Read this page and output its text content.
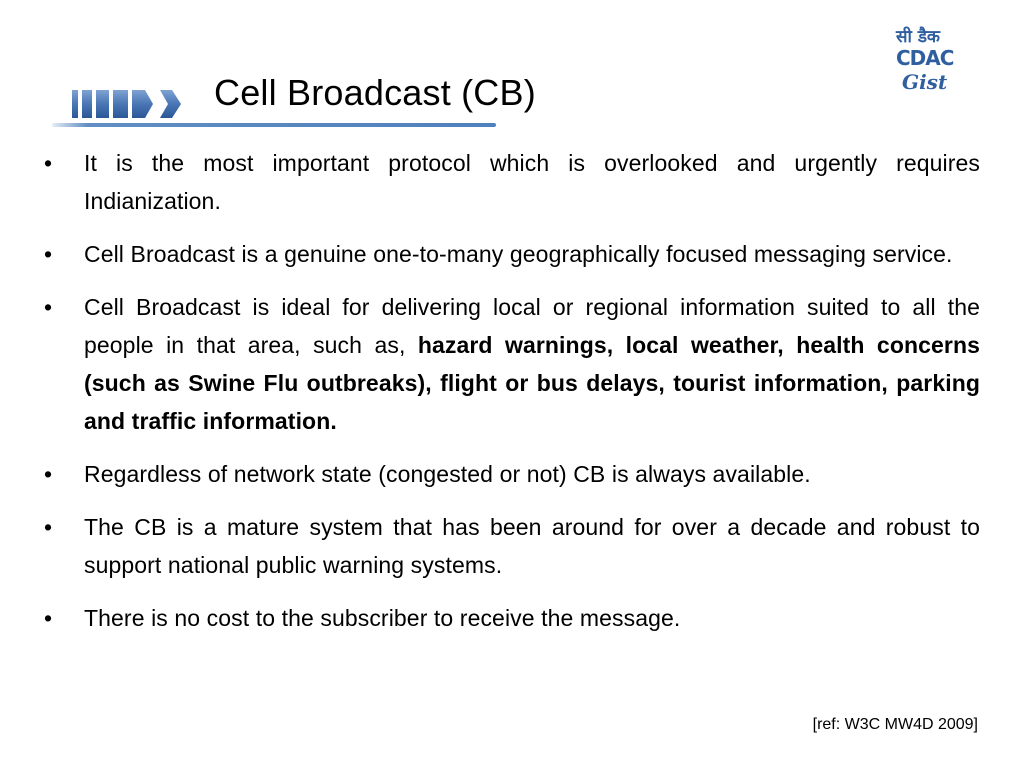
Cell Broadcast (CB)
सी डैक
CDAC
Gist
• It is the most important protocol which is overlooked and urgently requires Indianization.
• Cell Broadcast is a genuine one-to-many geographically focused messaging service.
• Cell Broadcast is ideal for delivering local or regional information suited to all the people in that area, such as, hazard warnings, local weather, health concerns (such as Swine Flu outbreaks), flight or bus delays, tourist information, parking and traffic information.
• Regardless of network state (congested or not) CB is always available.
• The CB is a mature system that has been around for over a decade and robust to support national public warning systems.
• There is no cost to the subscriber to receive the message.
[ref: W3C MW4D 2009]
